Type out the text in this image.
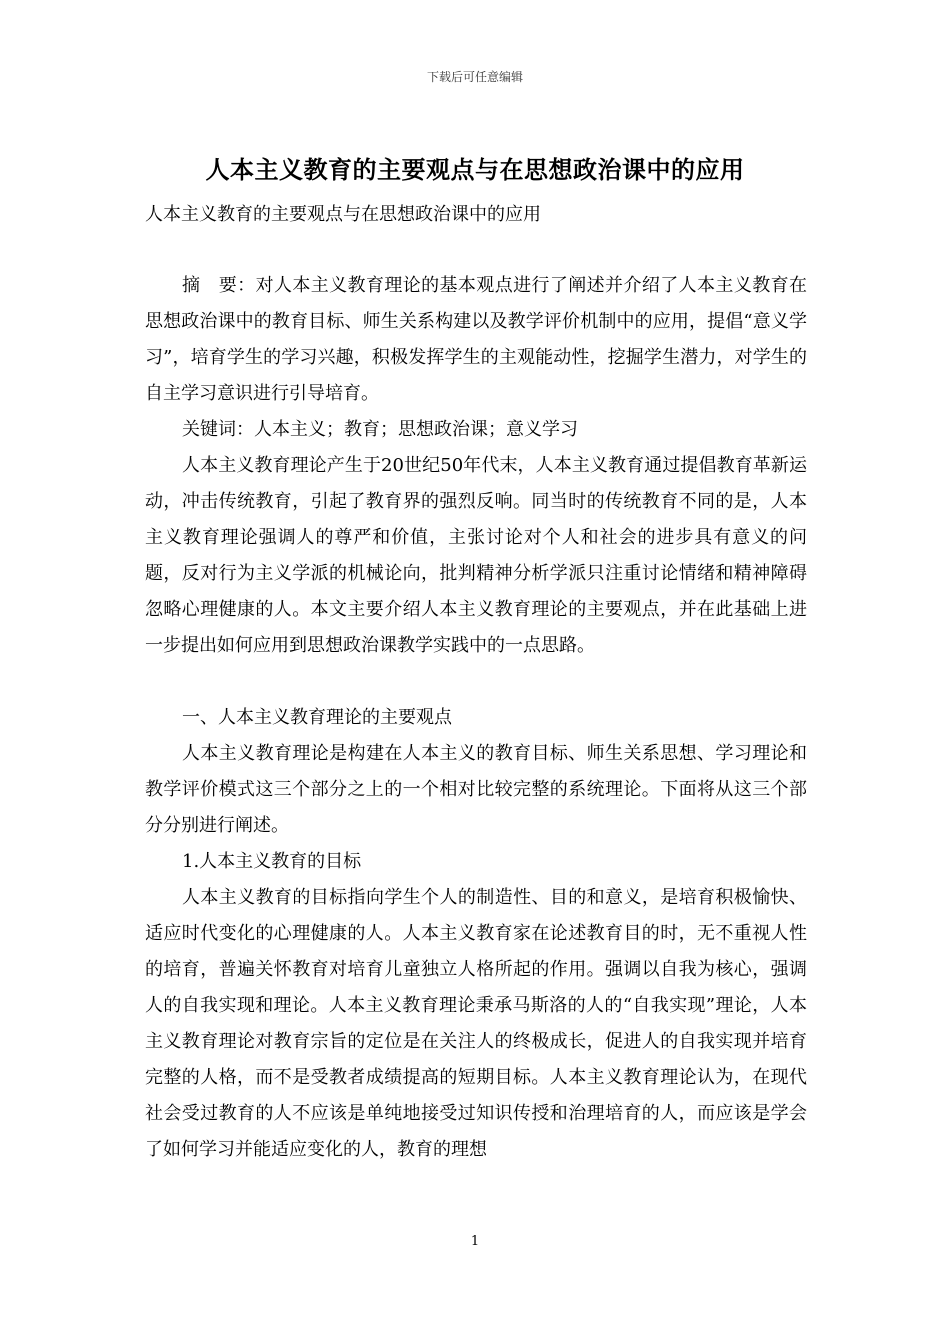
下载后可任意编辑
人本主义教育的主要观点与在思想政治课中的应用
人本主义教育的主要观点与在思想政治课中的应用

摘　要：对人本主义教育理论的基本观点进行了阐述并介绍了人本主义教育在思想政治课中的教育目标、师生关系构建以及教学评价机制中的应用，提倡“意义学习”，培育学生的学习兴趣，积极发挥学生的主观能动性，挖掘学生潜力，对学生的自主学习意识进行引导培育。

关键词：人本主义；教育；思想政治课；意义学习

人本主义教育理论产生于20世纪50年代末，人本主义教育通过提倡教育革新运动，冲击传统教育，引起了教育界的强烈反响。同当时的传统教育不同的是，人本主义教育理论强调人的尊严和价值，主张讨论对个人和社会的进步具有意义的问题，反对行为主义学派的机械论向，批判精神分析学派只注重讨论情绪和精神障碍忽略心理健康的人。本文主要介绍人本主义教育理论的主要观点，并在此基础上进一步提出如何应用到思想政治课教学实践中的一点思路。

一、人本主义教育理论的主要观点

人本主义教育理论是构建在人本主义的教育目标、师生关系思想、学习理论和教学评价模式这三个部分之上的一个相对比较完整的系统理论。下面将从这三个部分分别进行阐述。

1.人本主义教育的目标

人本主义教育的目标指向学生个人的制造性、目的和意义，是培育积极愉快、适应时代变化的心理健康的人。人本主义教育家在论述教育目的时，无不重视人性的培育，普遍关怀教育对培育儿童独立人格所起的作用。强调以自我为核心，强调人的自我实现和理论。人本主义教育理论秉承马斯洛的人的“自我实现”理论，人本主义教育理论对教育宗旨的定位是在关注人的终极成长，促进人的自我实现并培育完整的人格，而不是受教者成绩提高的短期目标。人本主义教育理论认为，在现代社会受过教育的人不应该是单纯地接受过知识传授和治理培育的人，而应该是学会了如何学习并能适应变化的人，教育的理想

1
